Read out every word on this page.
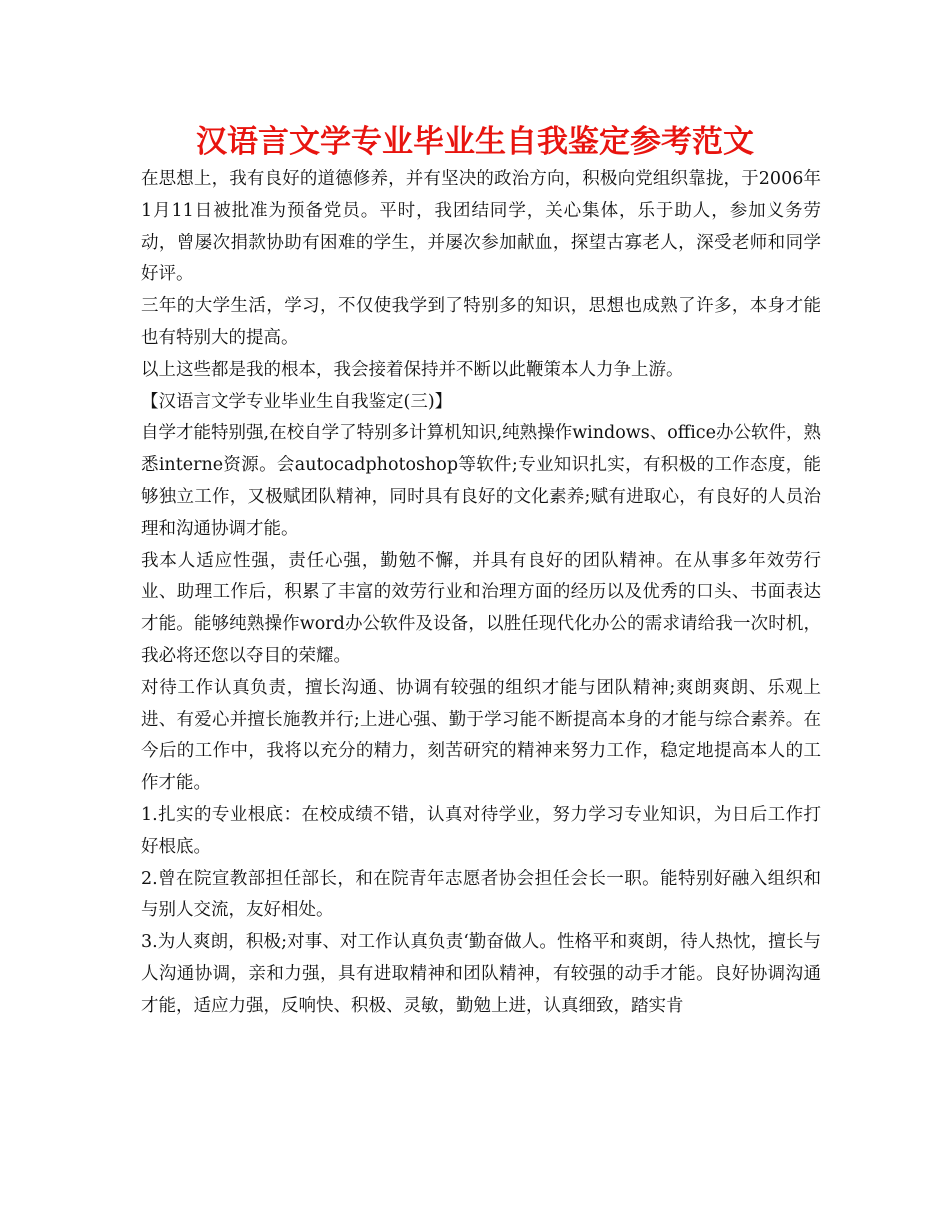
汉语言文学专业毕业生自我鉴定参考范文

在思想上，我有良好的道德修养，并有坚决的政治方向，积极向党组织靠拢，于2006年1月11日被批准为预备党员。平时，我团结同学，关心集体，乐于助人，参加义务劳动，曾屡次捐款协助有困难的学生，并屡次参加献血，探望古寡老人，深受老师和同学好评。

三年的大学生活，学习，不仅使我学到了特别多的知识，思想也成熟了许多，本身才能也有特别大的提高。

以上这些都是我的根本，我会接着保持并不断以此鞭策本人力争上游。

【汉语言文学专业毕业生自我鉴定(三)】

自学才能特别强,在校自学了特别多计算机知识,纯熟操作windows、office办公软件，熟悉interne资源。会autocadphotoshop等软件;专业知识扎实，有积极的工作态度，能够独立工作，又极赋团队精神，同时具有良好的文化素养;赋有进取心，有良好的人员治理和沟通协调才能。

我本人适应性强，责任心强，勤勉不懈，并具有良好的团队精神。在从事多年效劳行业、助理工作后，积累了丰富的效劳行业和治理方面的经历以及优秀的口头、书面表达才能。能够纯熟操作word办公软件及设备，以胜任现代化办公的需求请给我一次时机，我必将还您以夺目的荣耀。

对待工作认真负责，擅长沟通、协调有较强的组织才能与团队精神;爽朗爽朗、乐观上进、有爱心并擅长施教并行;上进心强、勤于学习能不断提高本身的才能与综合素养。在今后的工作中，我将以充分的精力，刻苦研究的精神来努力工作，稳定地提高本人的工作才能。

1.扎实的专业根底：在校成绩不错，认真对待学业，努力学习专业知识，为日后工作打好根底。

2.曾在院宣教部担任部长，和在院青年志愿者协会担任会长一职。能特别好融入组织和与别人交流，友好相处。

3.为人爽朗，积极;对事、对工作认真负责‘勤奋做人。性格平和爽朗，待人热忱，擅长与人沟通协调，亲和力强，具有进取精神和团队精神，有较强的动手才能。良好协调沟通才能，适应力强，反响快、积极、灵敏，勤勉上进，认真细致，踏实肯
